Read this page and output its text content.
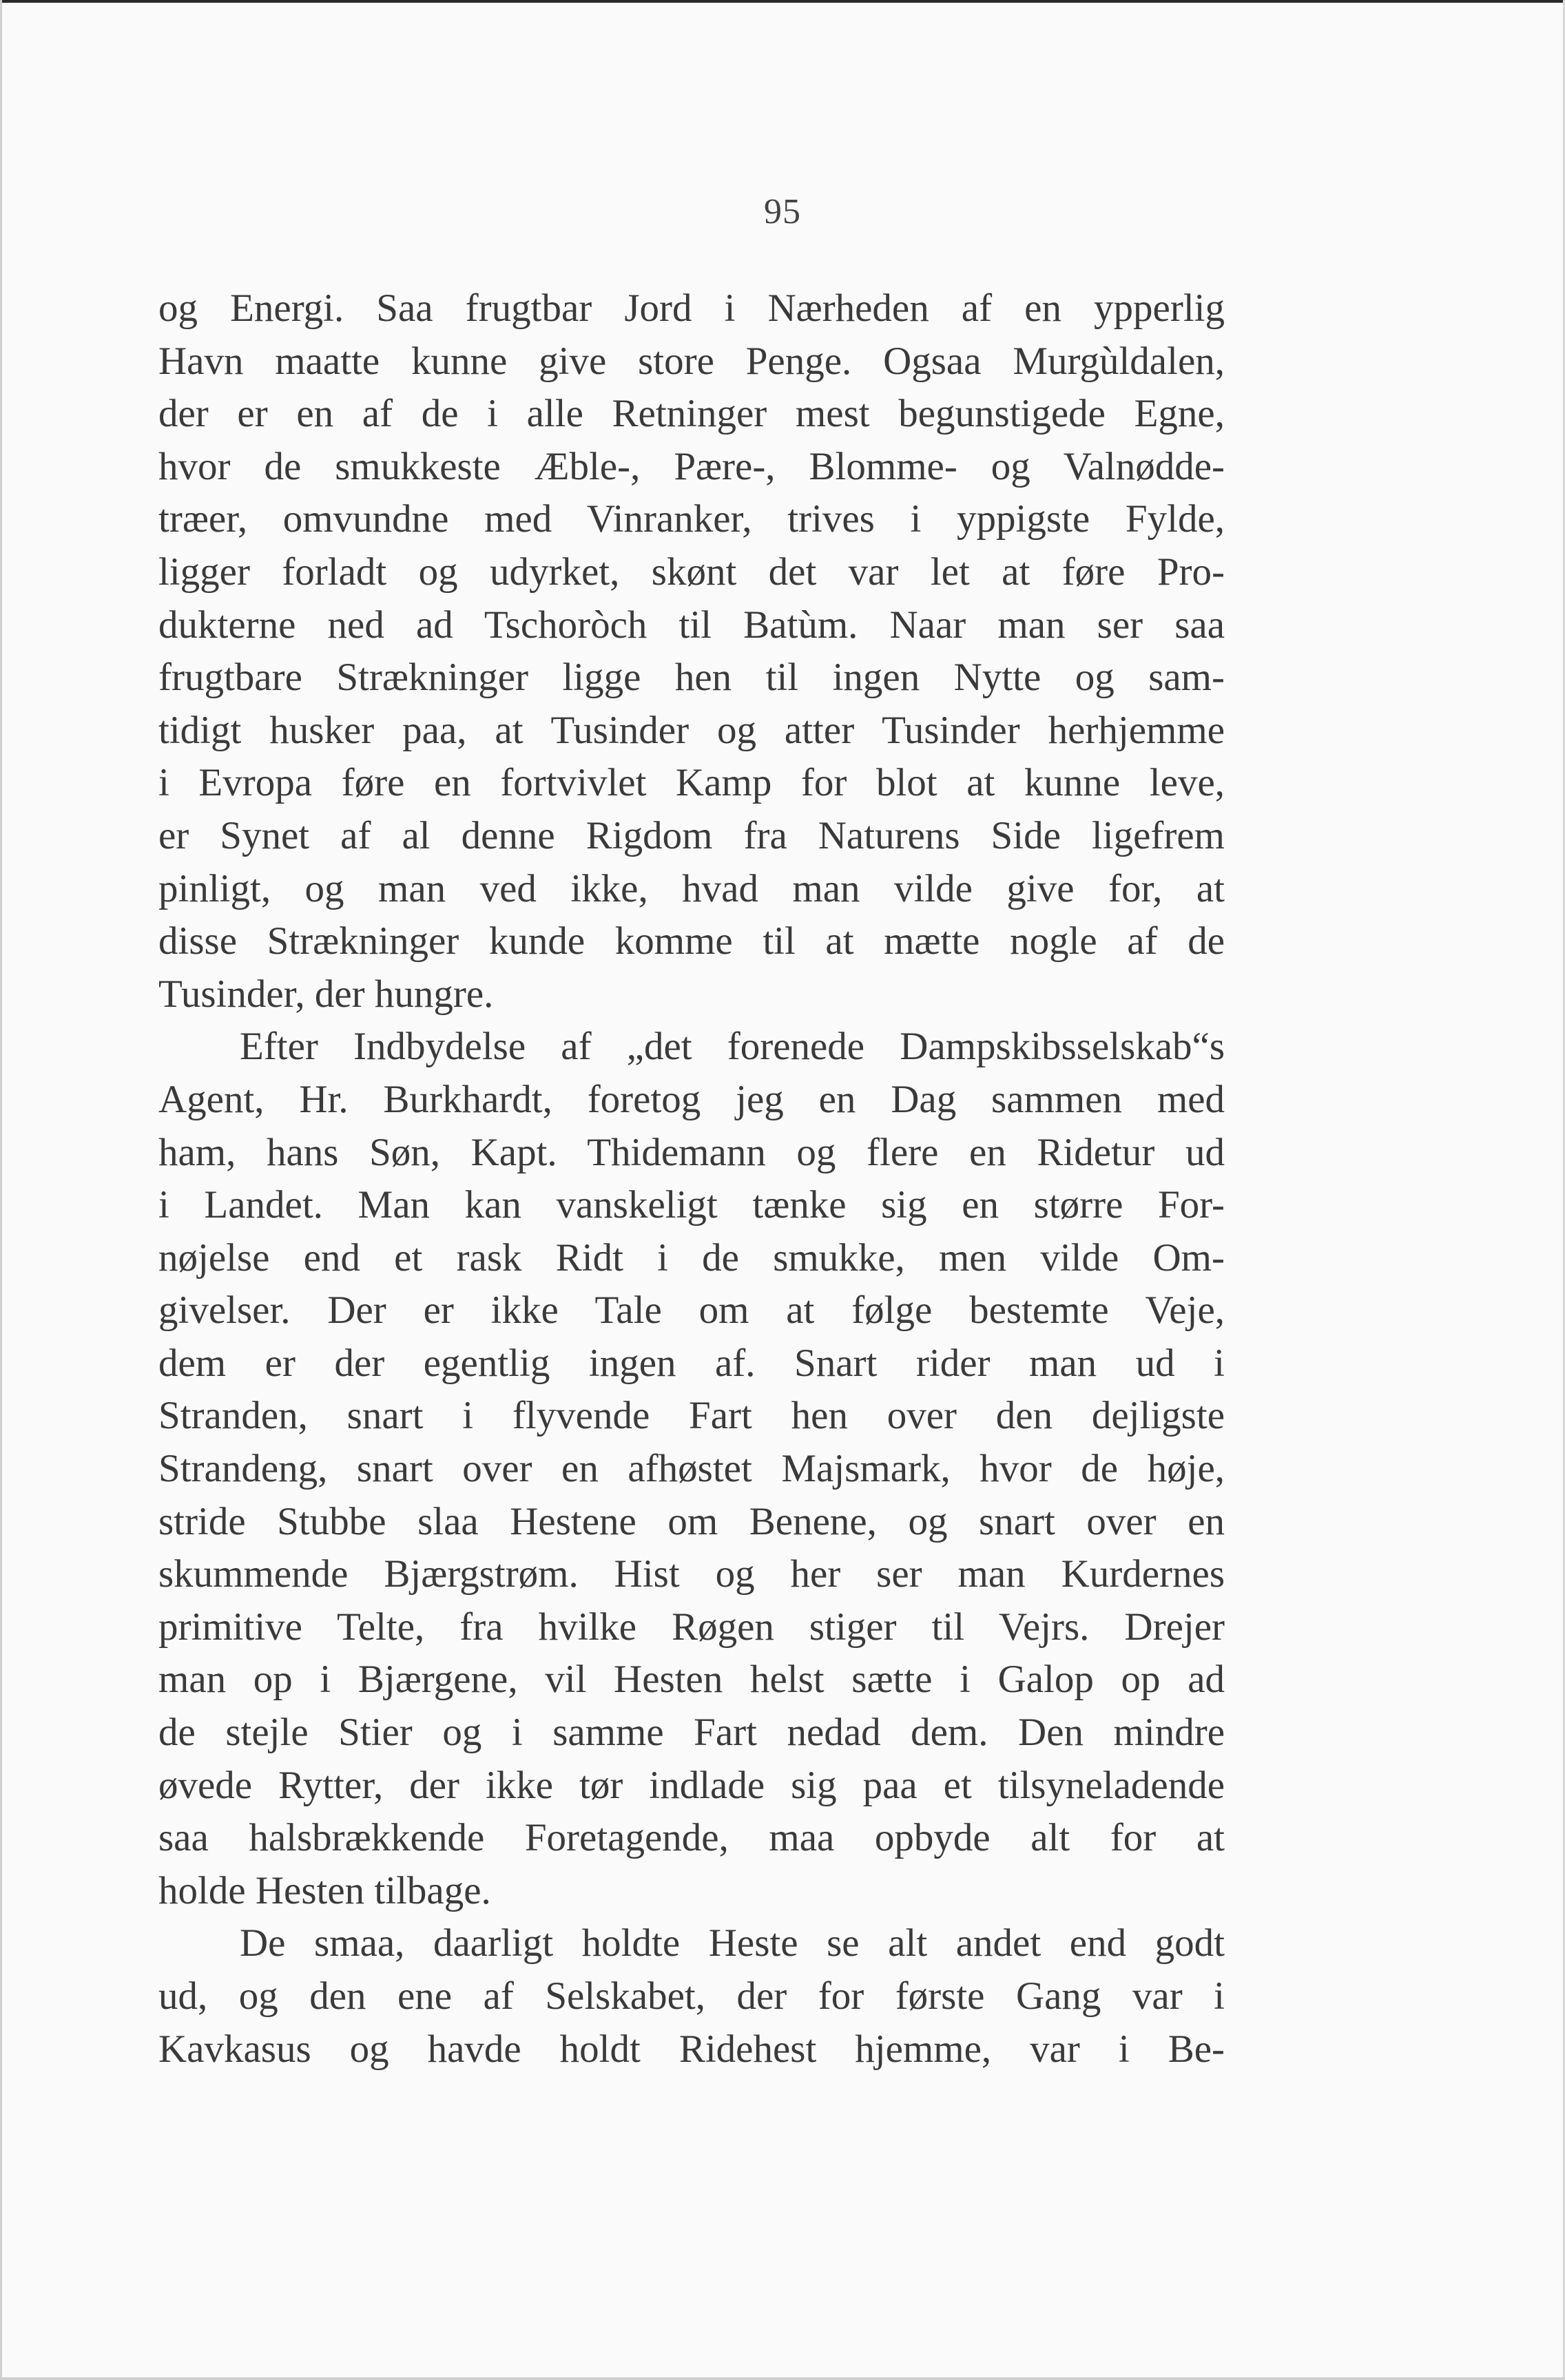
95
og Energi. Saa frugtbar Jord i Nærheden af en ypperlig
Havn maatte kunne give store Penge. Ogsaa Murgùldalen,
der er en af de i alle Retninger mest begunstigede Egne,
hvor de smukkeste Æble-, Pære-, Blomme- og Valnødde-
træer, omvundne med Vinranker, trives i yppigste Fylde,
ligger forladt og udyrket, skønt det var let at føre Pro-
dukterne ned ad Tschoròch til Batùm. Naar man ser saa
frugtbare Strækninger ligge hen til ingen Nytte og sam-
tidigt husker paa, at Tusinder og atter Tusinder herhjemme
i Evropa føre en fortvivlet Kamp for blot at kunne leve,
er Synet af al denne Rigdom fra Naturens Side ligefrem
pinligt, og man ved ikke, hvad man vilde give for, at
disse Strækninger kunde komme til at mætte nogle af de
Tusinder, der hungre.
Efter Indbydelse af „det forenede Dampskibsselskab“s
Agent, Hr. Burkhardt, foretog jeg en Dag sammen med
ham, hans Søn, Kapt. Thidemann og flere en Ridetur ud
i Landet. Man kan vanskeligt tænke sig en større For-
nøjelse end et rask Ridt i de smukke, men vilde Om-
givelser. Der er ikke Tale om at følge bestemte Veje,
dem er der egentlig ingen af. Snart rider man ud i
Stranden, snart i flyvende Fart hen over den dejligste
Strandeng, snart over en afhøstet Majsmark, hvor de høje,
stride Stubbe slaa Hestene om Benene, og snart over en
skummende Bjærgstrøm. Hist og her ser man Kurdernes
primitive Telte, fra hvilke Røgen stiger til Vejrs. Drejer
man op i Bjærgene, vil Hesten helst sætte i Galop op ad
de stejle Stier og i samme Fart nedad dem. Den mindre
øvede Rytter, der ikke tør indlade sig paa et tilsyneladende
saa halsbrækkende Foretagende, maa opbyde alt for at
holde Hesten tilbage.
De smaa, daarligt holdte Heste se alt andet end godt
ud, og den ene af Selskabet, der for første Gang var i
Kavkasus og havde holdt Ridehest hjemme, var i Be-
